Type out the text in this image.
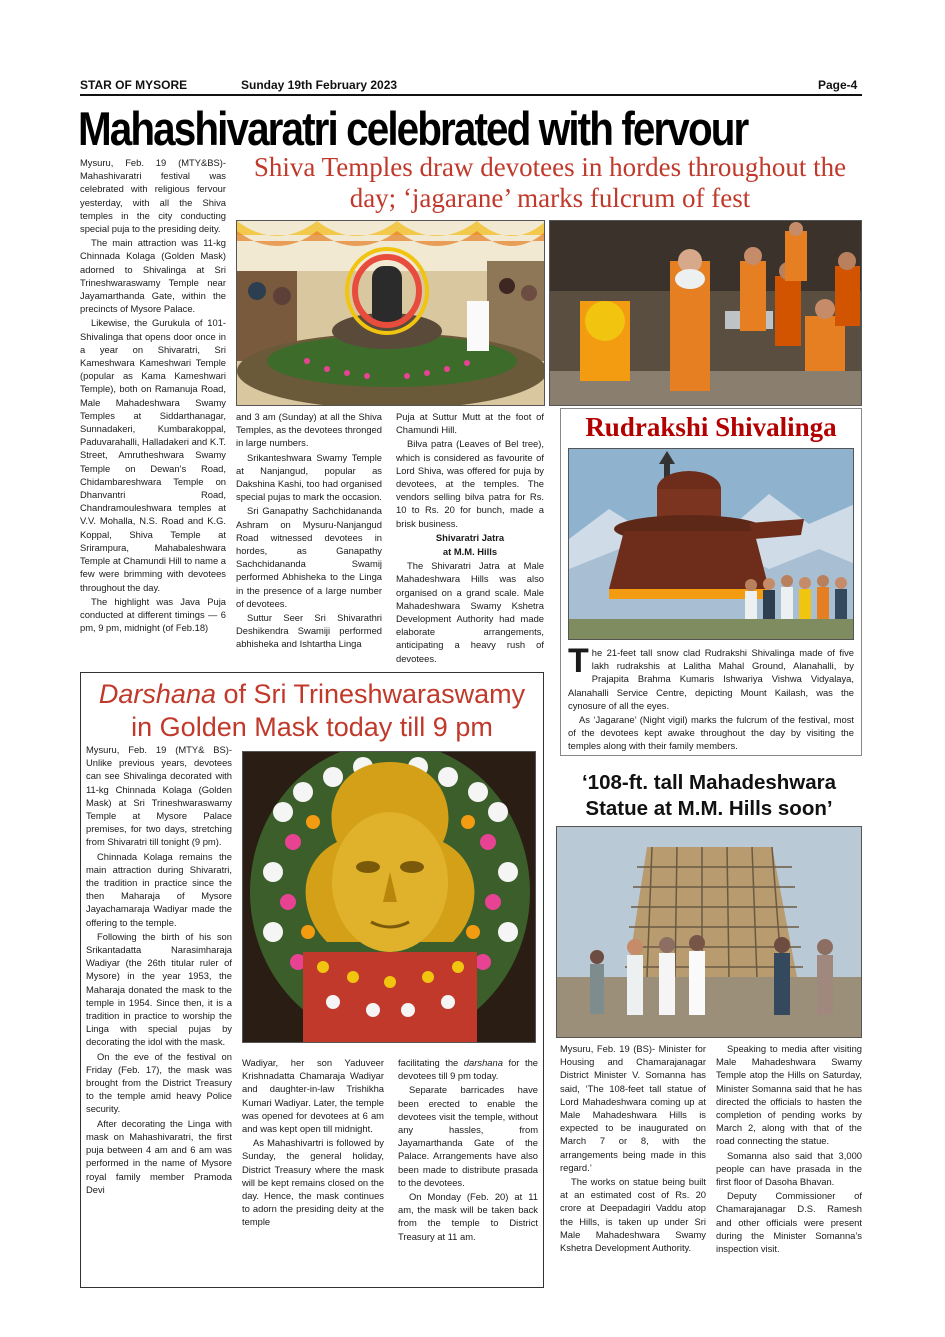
STAR OF MYSORE	Sunday 19th February 2023	Page-4
Mahashivaratri celebrated with fervour
Shiva Temples draw devotees in hordes throughout the day; ‘jagarane’ marks fulcrum of fest

Mysuru, Feb. 19 (MTY&BS)- Mahashivaratri festival was celebrated with religious fervour yesterday, with all the Shiva temples in the city conducting special puja to the presiding deity.

The main attraction was 11-kg Chinnada Kolaga (Golden Mask) adorned to Shivalinga at Sri Trineshwaraswamy Temple near Jayamarthanda Gate, within the precincts of Mysore Palace.

Likewise, the Gurukula of 101-Shivalinga that opens door once in a year on Shivaratri, Sri Kameshwara Kameshwari Temple (popular as Kama Kameshwari Temple), both on Ramanuja Road, Male Mahadeshwara Swamy Temples at Siddarthanagar, Sunnadakeri, Kumbarakoppal, Paduvarahalli, Halladakeri and K.T. Street, Amrutheshwara Swamy Temple on Dewan’s Road, Chidambareshwara Temple on Dhanvantri Road, Chandramouleshwara temples at V.V. Mohalla, N.S. Road and K.G. Koppal, Shiva Temple at Srirampura, Mahabaleshwara Temple at Chamundi Hill to name a few were brimming with devotees throughout the day.

The highlight was Java Puja conducted at different timings — 6 pm, 9 pm, midnight (of Feb.18)

and 3 am (Sunday) at all the Shiva Temples, as the devotees thronged in large numbers.

Srikanteshwara Swamy Temple at Nanjangud, popular as Dakshina Kashi, too had organised special pujas to mark the occasion.

Sri Ganapathy Sachchidananda Ashram on Mysuru-Nanjangud Road witnessed devotees in hordes, as Ganapathy Sachchidananda Swamij performed Abhisheka to the Linga in the presence of a large number of devotees.

Suttur Seer Sri Shivarathri Deshikendra Swamiji performed abhisheka and Ishtartha Linga

Puja at Suttur Mutt at the foot of Chamundi Hill.

Bilva patra (Leaves of Bel tree), which is considered as favourite of Lord Shiva, was offered for puja by devotees, at the temples. The vendors selling bilva patra for Rs. 10 to Rs. 20 for bunch, made a brisk business.

Shivaratri Jatra

at M.M. Hills

The Shivaratri Jatra at Male Mahadeshwara Hills was also organised on a grand scale. Male Mahadeshwara Swamy Kshetra Development Authority had made elaborate arrangements, anticipating a heavy rush of devotees.

Rudrakshi Shivalinga

The 21-feet tall snow clad Rudrakshi Shivalinga made of five lakh rudrakshis at Lalitha Mahal Ground, Alanahalli, by Prajapita Brahma Kumaris Ishwariya Vishwa Vidyalaya, Alanahalli Service Centre, depicting Mount Kailash, was the cynosure of all the eyes.

As ‘Jagarane’ (Night vigil) marks the fulcrum of the festival, most of the devotees kept awake throughout the day by visiting the temples along with their family members.

Darshana of Sri Trineshwaraswamy
in Golden Mask today till 9 pm

Mysuru, Feb. 19 (MTY& BS)- Unlike previous years, devotees can see Shivalinga decorated with 11-kg Chinnada Kolaga (Golden Mask) at Sri Trineshwaraswamy Temple at Mysore Palace premises, for two days, stretching from Shivaratri till tonight (9 pm).

Chinnada Kolaga remains the main attraction during Shivaratri, the tradition in practice since the then Maharaja of Mysore Jayachamaraja Wadiyar made the offering to the temple.

Following the birth of his son Srikantadatta Narasimharaja Wadiyar (the 26th titular ruler of Mysore) in the year 1953, the Maharaja donated the mask to the temple in 1954. Since then, it is a tradition in practice to worship the Linga with special pujas by decorating the idol with the mask.

On the eve of the festival on Friday (Feb. 17), the mask was brought from the District Treasury to the temple amid heavy Police security.

After decorating the Linga with mask on Mahashivaratri, the first puja between 4 am and 6 am was performed in the name of Mysore royal family member Pramoda Devi

Wadiyar, her son Yaduveer Krishnadatta Chamaraja Wadiyar and daughter-in-law Trishikha Kumari Wadiyar. Later, the temple was opened for devotees at 6 am and was kept open till midnight.

As Mahashivartri is followed by Sunday, the general holiday, District Treasury where the mask will be kept remains closed on the day. Hence, the mask continues to adorn the presiding deity at the temple

facilitating the darshana for the devotees till 9 pm today.

Separate barricades have been erected to enable the devotees visit the temple, without any hassles, from Jayamarthanda Gate of the Palace. Arrangements have also been made to distribute prasada to the devotees.

On Monday (Feb. 20) at 11 am, the mask will be taken back from the temple to District Treasury at 11 am.

‘108-ft. tall Mahadeshwara
Statue at M.M. Hills soon’

Mysuru, Feb. 19 (BS)- Minister for Housing and Chamarajanagar District Minister V. Somanna has said, ‘The 108-feet tall statue of Lord Mahadeshwara coming up at Male Mahadeshwara Hills is expected to be inaugurated on March 7 or 8, with the arrangements being made in this regard.’

The works on statue being built at an estimated cost of Rs. 20 crore at Deepadagiri Vaddu atop the Hills, is taken up under Sri Male Mahadeshwara Swamy Kshetra Development Authority.

Speaking to media after visiting Male Mahadeshwara Swamy Temple atop the Hills on Saturday, Minister Somanna said that he has directed the officials to hasten the completion of pending works by March 2, along with that of the road connecting the statue.

Somanna also said that 3,000 people can have prasada in the first floor of Dasoha Bhavan.

Deputy Commissioner of Chamarajanagar D.S. Ramesh and other officials were present during the Minister Somanna’s inspection visit.
